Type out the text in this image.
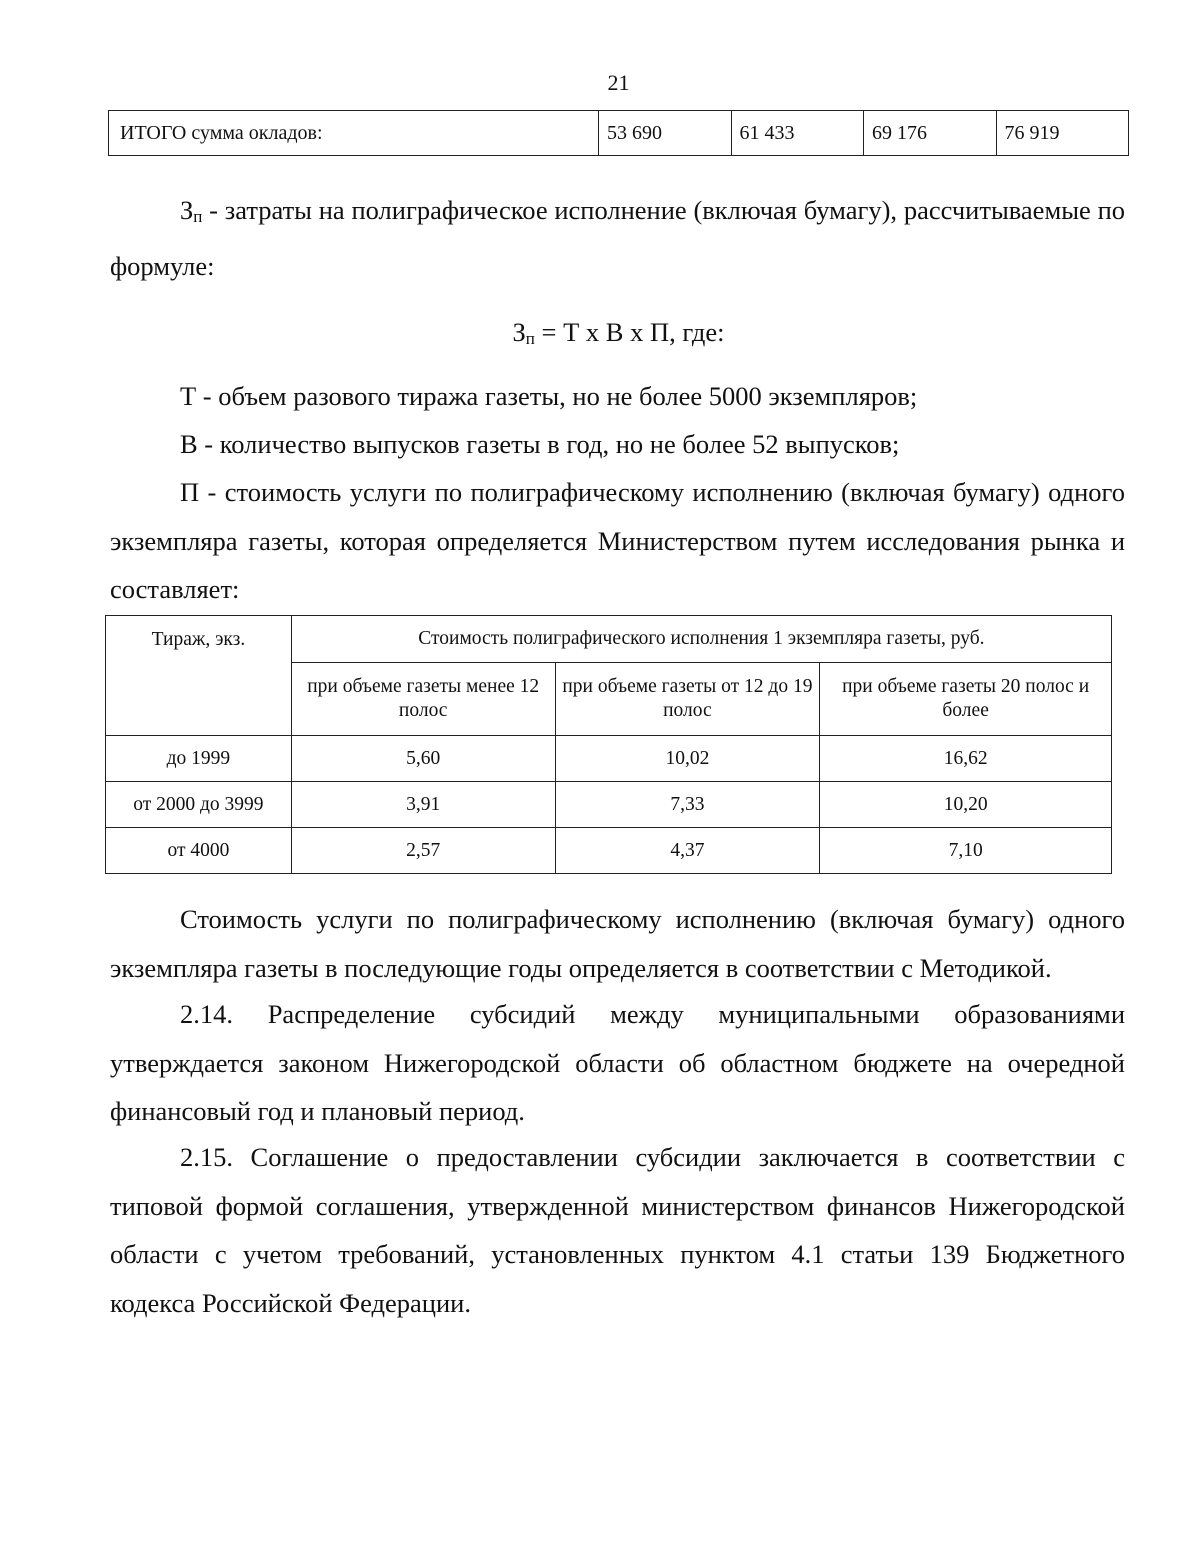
21
ИТОГО сумма окладов:	53 690	61 433	69 176	76 919

Зп - затраты на полиграфическое исполнение (включая бумагу), рассчитываемые по формуле:

Зп = Т х В х П, где:

Т - объем разового тиража газеты, но не более 5000 экземпляров;

В - количество выпусков газеты в год, но не более 52 выпусков;

П - стоимость услуги по полиграфическому исполнению (включая бумагу) одного экземпляра газеты, которая определяется Министерством путем исследования рынка и составляет:

Тираж, экз.	Стоимость полиграфического исполнения 1 экземпляра газеты, руб.		
	при объеме газеты менее 12 полос	при объеме газеты от 12 до 19 полос	при объеме газеты 20 полос и более
до 1999	5,60	10,02	16,62
от 2000 до 3999	3,91	7,33	10,20
от 4000	2,57	4,37	7,10

Стоимость услуги по полиграфическому исполнению (включая бумагу) одного экземпляра газеты в последующие годы определяется в соответствии с Методикой.

2.14. Распределение субсидий между муниципальными образованиями утверждается законом Нижегородской области об областном бюджете на очередной финансовый год и плановый период.

2.15. Соглашение о предоставлении субсидии заключается в соответствии с типовой формой соглашения, утвержденной министерством финансов Нижегородской области с учетом требований, установленных пунктом 4.1 статьи 139 Бюджетного кодекса Российской Федерации.
